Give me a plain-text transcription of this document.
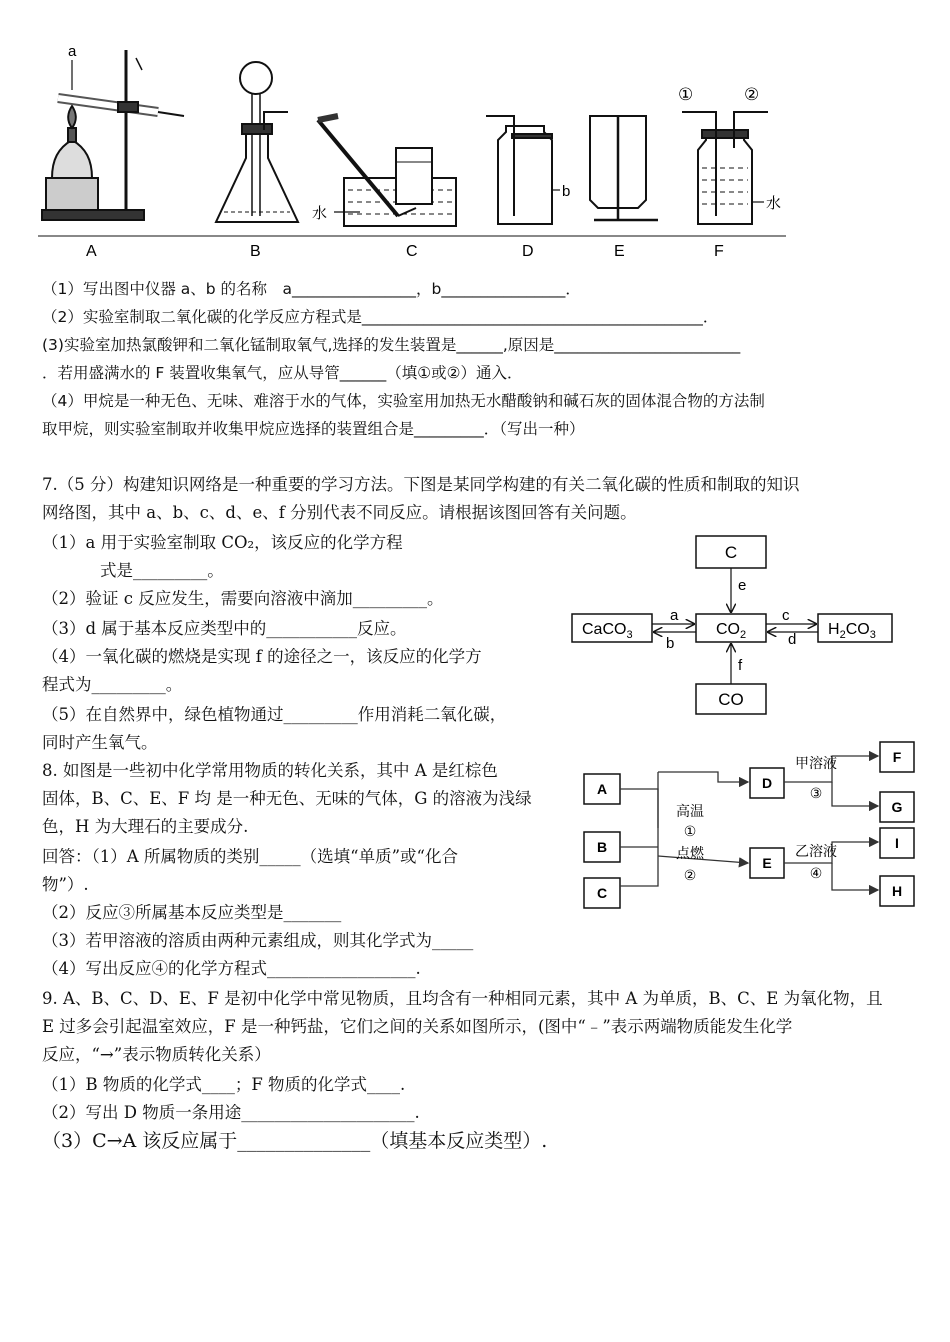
a
水
b
①	②
水
A	B	C	D	E	F
（1）写出图中仪器 a、b 的名称　a________________，b________________．
（2）实验室制取二氧化碳的化学反应方程式是____________________________________________．
(3)实验室加热氯酸钾和二氧化锰制取氧气,选择的发生装置是______,原因是________________________
．若用盛满水的 F 装置收集氧气，应从导管______（填①或②）通入．
（4）甲烷是一种无色、无味、难溶于水的气体，实验室用加热无水醋酸钠和碱石灰的固体混合物的方法制
取甲烷，则实验室制取并收集甲烷应选择的装置组合是_________．（写出一种）
7.（5 分）构建知识网络是一种重要的学习方法。下图是某同学构建的有关二氧化碳的性质和制取的知识
网络图，其中 a、b、c、d、e、f 分别代表不同反应。请根据该图回答有关问题。
（1）a 用于实验室制取 CO₂，该反应的化学方程
式是_________。
（2）验证 c 反应发生，需要向溶液中滴加_________。
（3）d 属于基本反应类型中的___________反应。
（4）一氧化碳的燃烧是实现 f 的途径之一，该反应的化学方
程式为_________。
（5）在自然界中，绿色植物通过_________作用消耗二氧化碳，
同时产生氧气。
C
CaCO$_3$	$CO_2$	$H_2CO_3$
CO
e
f
a
b
c
d
8. 如图是一些初中化学常用物质的转化关系，其中 A 是红棕色
固体，B、C、E、F 均 是一种无色、无味的气体，G 的溶液为浅绿
色，H 为大理石的主要成分.
回答：（1）A 所属物质的类别_____（选填“单质”或“化合
物”）.
（2）反应③所属基本反应类型是_______
（3）若甲溶液的溶质由两种元素组成，则其化学式为_____
（4）写出反应④的化学方程式__________________.
A
B
C
D
E
F
G
I
H
高温
①
点燃
②
甲溶液
③
乙溶液
④
9. A、B、C、D、E、F 是初中化学中常见物质，且均含有一种相同元素，其中 A 为单质，B、C、E 为氧化物，且
E 过多会引起温室效应，F 是一种钙盐，它们之间的关系如图所示，(图中“﹣”表示两端物质能发生化学
反应，“→”表示物质转化关系）
（1）B 物质的化学式____；F 物质的化学式____.
（2）写出 D 物质一条用途_____________________.
（3）C→A 该反应属于______________（填基本反应类型）.
